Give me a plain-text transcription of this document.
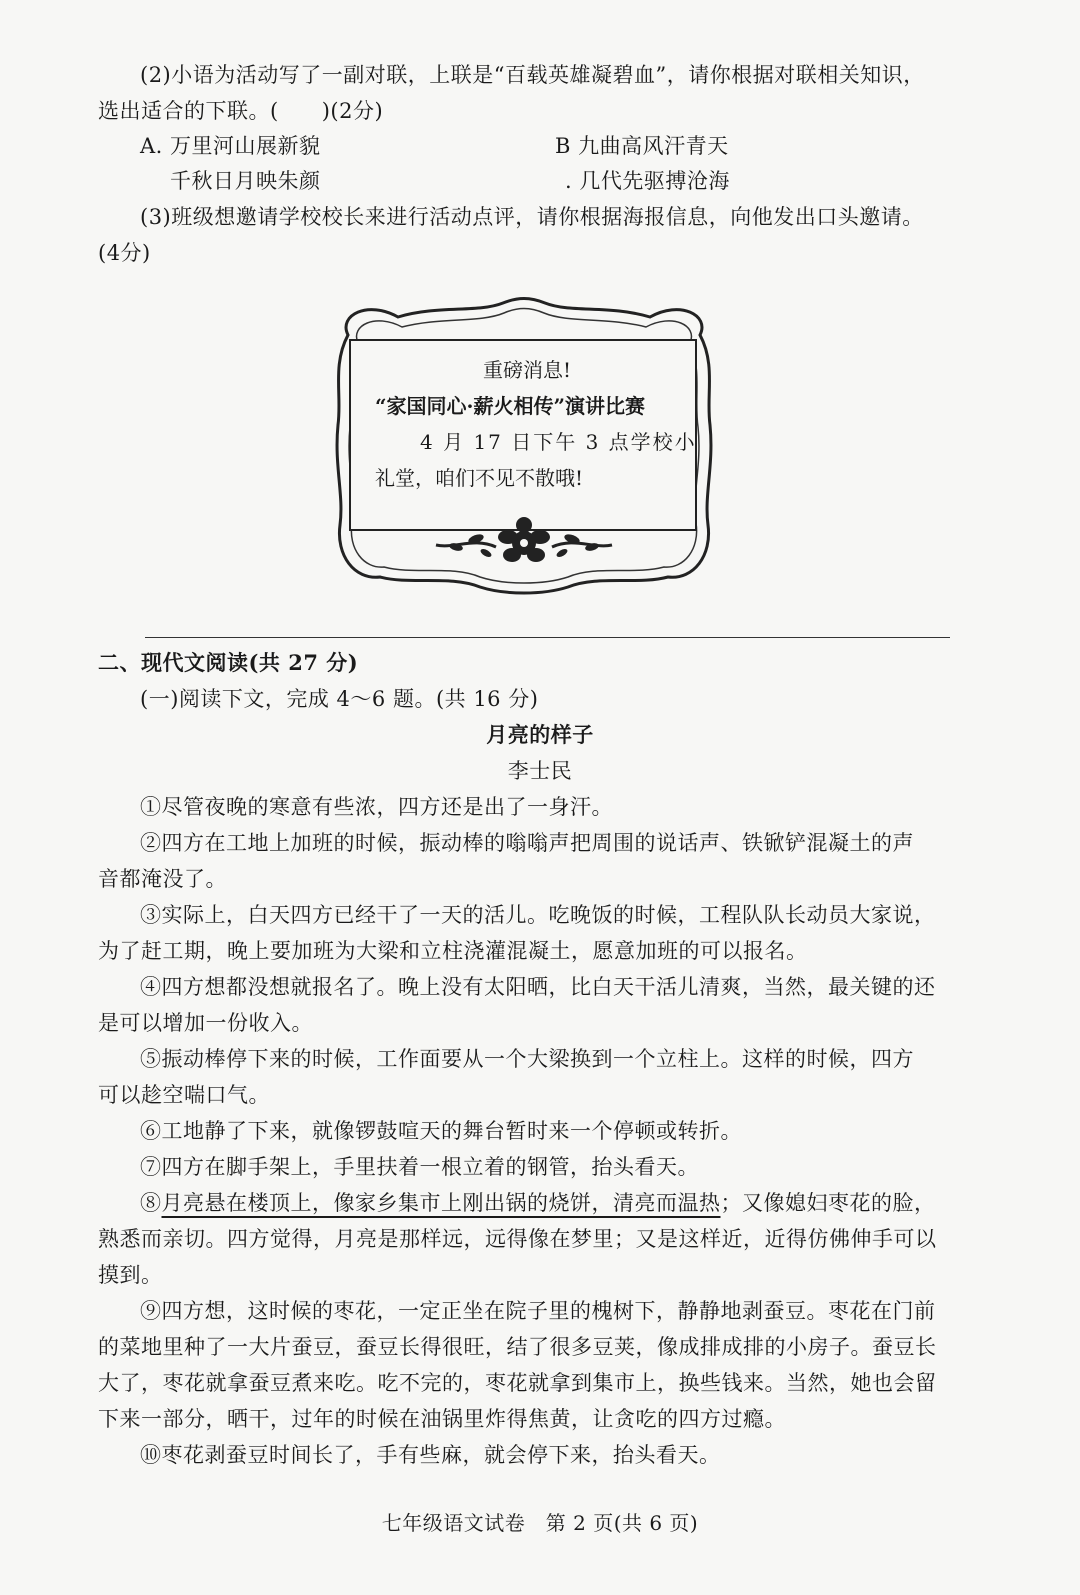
(2)小语为活动写了一副对联，上联是“百载英雄凝碧血”，请你根据对联相关知识，
选出适合的下联。(　　)(2分)
A. 万里河山展新貌	B 九曲高风汗青天
千秋日月映朱颜	. 几代先驱搏沧海
(3)班级想邀请学校校长来进行活动点评，请你根据海报信息，向他发出口头邀请。
(4分)
重磅消息!
“家国同心·薪火相传”演讲比赛
4 月 17 日下午 3 点学校小
礼堂，咱们不见不散哦!
二、现代文阅读(共 27 分)
(一)阅读下文，完成 4～6 题。(共 16 分)
月亮的样子
李士民
①尽管夜晚的寒意有些浓，四方还是出了一身汗。
②四方在工地上加班的时候，振动棒的嗡嗡声把周围的说话声、铁锨铲混凝土的声
音都淹没了。
③实际上，白天四方已经干了一天的活儿。吃晚饭的时候，工程队队长动员大家说，
为了赶工期，晚上要加班为大梁和立柱浇灌混凝土，愿意加班的可以报名。
④四方想都没想就报名了。晚上没有太阳晒，比白天干活儿清爽，当然，最关键的还
是可以增加一份收入。
⑤振动棒停下来的时候，工作面要从一个大梁换到一个立柱上。这样的时候，四方
可以趁空喘口气。
⑥工地静了下来，就像锣鼓喧天的舞台暂时来一个停顿或转折。
⑦四方在脚手架上，手里扶着一根立着的钢管，抬头看天。
⑧月亮悬在楼顶上，像家乡集市上刚出锅的烧饼，清亮而温热；又像媳妇枣花的脸，
熟悉而亲切。四方觉得，月亮是那样远，远得像在梦里；又是这样近，近得仿佛伸手可以
摸到。
⑨四方想，这时候的枣花，一定正坐在院子里的槐树下，静静地剥蚕豆。枣花在门前
的菜地里种了一大片蚕豆，蚕豆长得很旺，结了很多豆荚，像成排成排的小房子。蚕豆长
大了，枣花就拿蚕豆煮来吃。吃不完的，枣花就拿到集市上，换些钱来。当然，她也会留
下来一部分，晒干，过年的时候在油锅里炸得焦黄，让贪吃的四方过瘾。
⑩枣花剥蚕豆时间长了，手有些麻，就会停下来，抬头看天。
七年级语文试卷　第 2 页(共 6 页)
